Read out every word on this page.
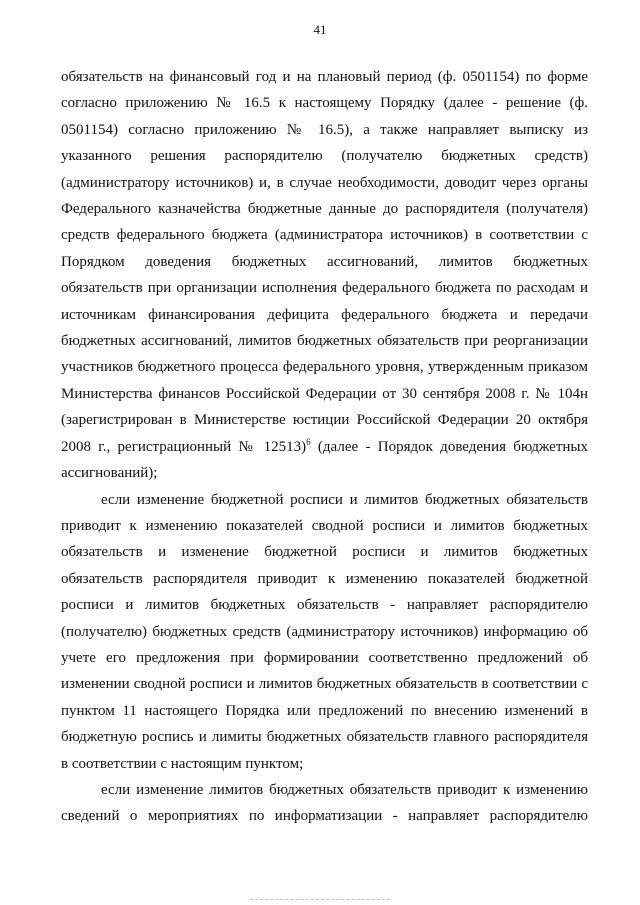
41

обязательств на финансовый год и на плановый период (ф. 0501154) по форме согласно приложению № 16.5 к настоящему Порядку (далее - решение (ф. 0501154) согласно приложению № 16.5), а также направляет выписку из указанного решения распорядителю (получателю бюджетных средств) (администратору источников) и, в случае необходимости, доводит через органы Федерального казначейства бюджетные данные до распорядителя (получателя) средств федерального бюджета (администратора источников) в соответствии с Порядком доведения бюджетных ассигнований, лимитов бюджетных обязательств при организации исполнения федерального бюджета по расходам и источникам финансирования дефицита федерального бюджета и передачи бюджетных ассигнований, лимитов бюджетных обязательств при реорганизации участников бюджетного процесса федерального уровня, утвержденным приказом Министерства финансов Российской Федерации от 30 сентября 2008 г. № 104н (зарегистрирован в Министерстве юстиции Российской Федерации 20 октября 2008 г., регистрационный № 12513)$^6$ (далее - Порядок доведения бюджетных ассигнований);

если изменение бюджетной росписи и лимитов бюджетных обязательств приводит к изменению показателей сводной росписи и лимитов бюджетных обязательств и изменение бюджетной росписи и лимитов бюджетных обязательств распорядителя приводит к изменению показателей бюджетной росписи и лимитов бюджетных обязательств - направляет распорядителю (получателю) бюджетных средств (администратору источников) информацию об учете его предложения при формировании соответственно предложений об изменении сводной росписи и лимитов бюджетных обязательств в соответствии с пунктом 11 настоящего Порядка или предложений по внесению изменений в бюджетную роспись и лимиты бюджетных обязательств главного распорядителя в соответствии с настоящим пунктом;

если изменение лимитов бюджетных обязательств приводит к изменению сведений о мероприятиях по информатизации - направляет распорядителю
